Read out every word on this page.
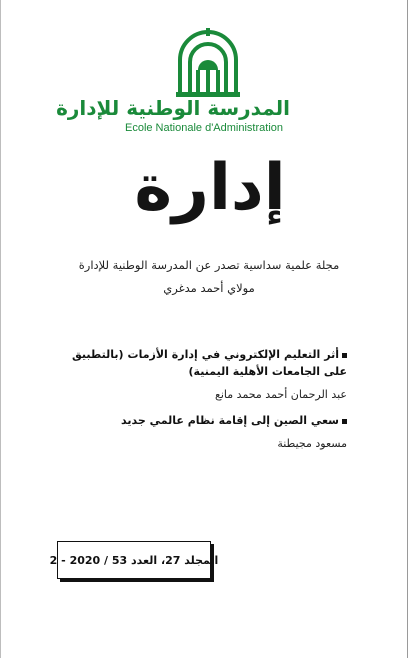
المدرسة الوطنية للإدارة
Ecole Nationale d'Administration
إدارة
مجلة علمية سداسية تصدر عن المدرسة الوطنية للإدارة
مولاي أحمد مدغري
أثر التعليم الإلكتروني في إدارة الأزمات (بالتطبيق على الجامعات الأهلية اليمنية)
عبد الرحمان أحمد محمد مانع
سعي الصين إلى إقامة نظام عالمي جديد
مسعود مجيطنة
المجلد 27، العدد 53 / 2020 - 2
